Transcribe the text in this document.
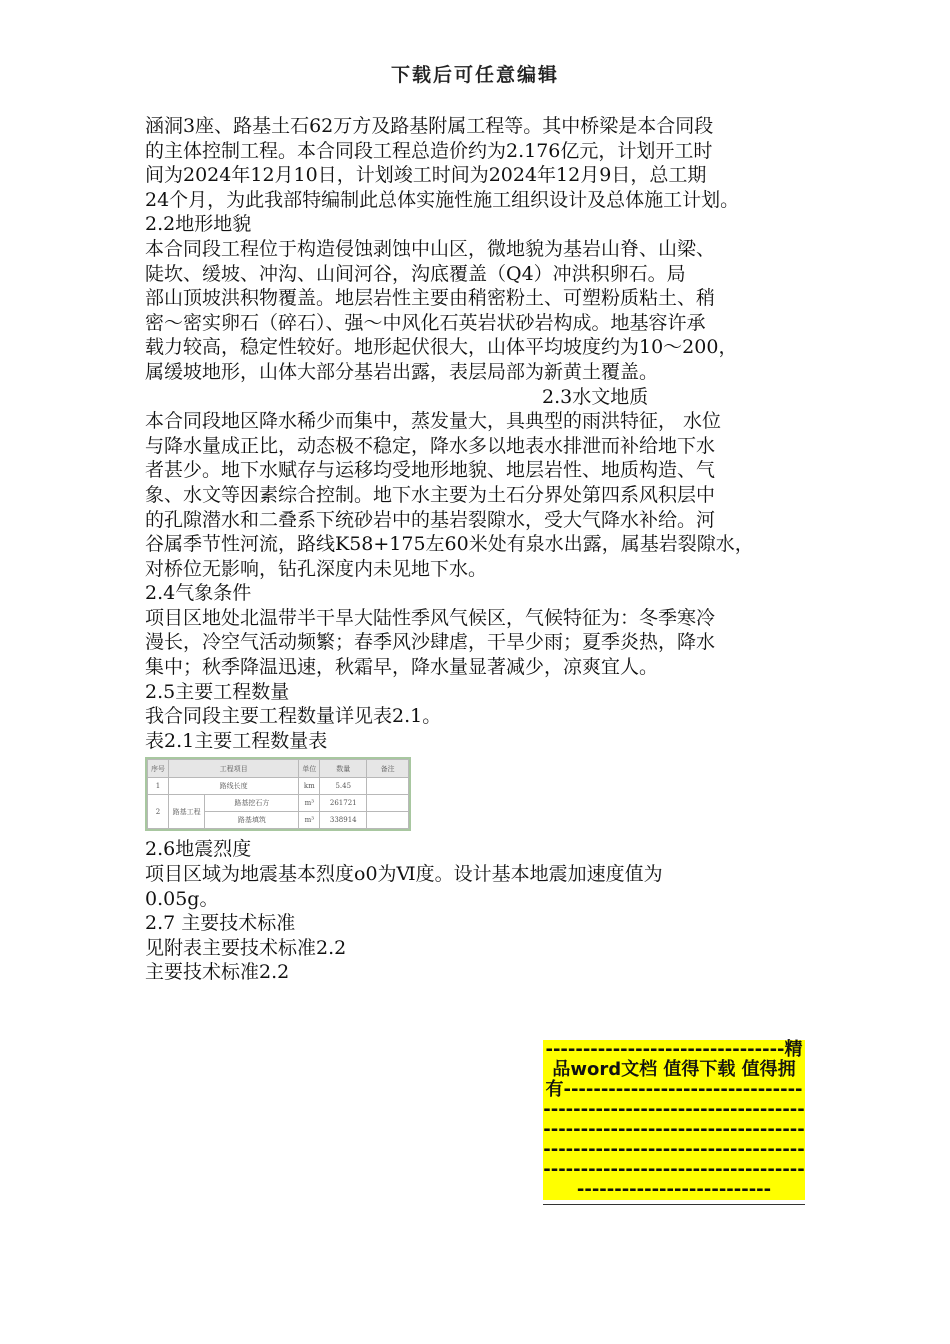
下载后可任意编辑
涵洞3座、路基土石62万方及路基附属工程等。其中桥梁是本合同段
的主体控制工程。本合同段工程总造价约为2.176亿元，计划开工时
间为2024年12月10日，计划竣工时间为2024年12月9日，总工期
24个月，为此我部特编制此总体实施性施工组织设计及总体施工计划。
2.2地形地貌
本合同段工程位于构造侵蚀剥蚀中山区，微地貌为基岩山脊、山梁、
陡坎、缓坡、冲沟、山间河谷，沟底覆盖（Q4）冲洪积卵石。局
部山顶坡洪积物覆盖。地层岩性主要由稍密粉土、可塑粉质粘土、稍
密～密实卵石（碎石）、强～中风化石英岩状砂岩构成。地基容许承
载力较高，稳定性较好。地形起伏很大，山体平均坡度约为10～200，
属缓坡地形，山体大部分基岩出露，表层局部为新黄土覆盖。
2.3水文地质
本合同段地区降水稀少而集中，蒸发量大，具典型的雨洪特征， 水位
与降水量成正比，动态极不稳定，降水多以地表水排泄而补给地下水
者甚少。地下水赋存与运移均受地形地貌、地层岩性、地质构造、气
象、水文等因素综合控制。地下水主要为土石分界处第四系风积层中
的孔隙潜水和二叠系下统砂岩中的基岩裂隙水，受大气降水补给。河
谷属季节性河流，路线K58+175左60米处有泉水出露，属基岩裂隙水，
对桥位无影响，钻孔深度内未见地下水。
2.4气象条件
项目区地处北温带半干旱大陆性季风气候区，气候特征为：冬季寒冷
漫长，冷空气活动频繁；春季风沙肆虐，干旱少雨；夏季炎热，降水
集中；秋季降温迅速，秋霜早，降水量显著减少，凉爽宜人。
2.5主要工程数量
我合同段主要工程数量详见表2.1。
表2.1主要工程数量表
序号	工程项目		单位	数量	备注
1	路线长度		km	5.45	
2	路基工程	路基挖石方	m³	261721	
		路基填筑	m³	338914	
2.6地震烈度
项目区域为地震基本烈度o0为Ⅵ度。设计基本地震加速度值为
0.05g。
2.7 主要技术标准
见附表主要技术标准2.2
主要技术标准2.2
--------------------------------精品word文档 值得下载 值得拥有------------------------------------------------------------------------------------------------------------------------------------------------------------------------------------------------------
